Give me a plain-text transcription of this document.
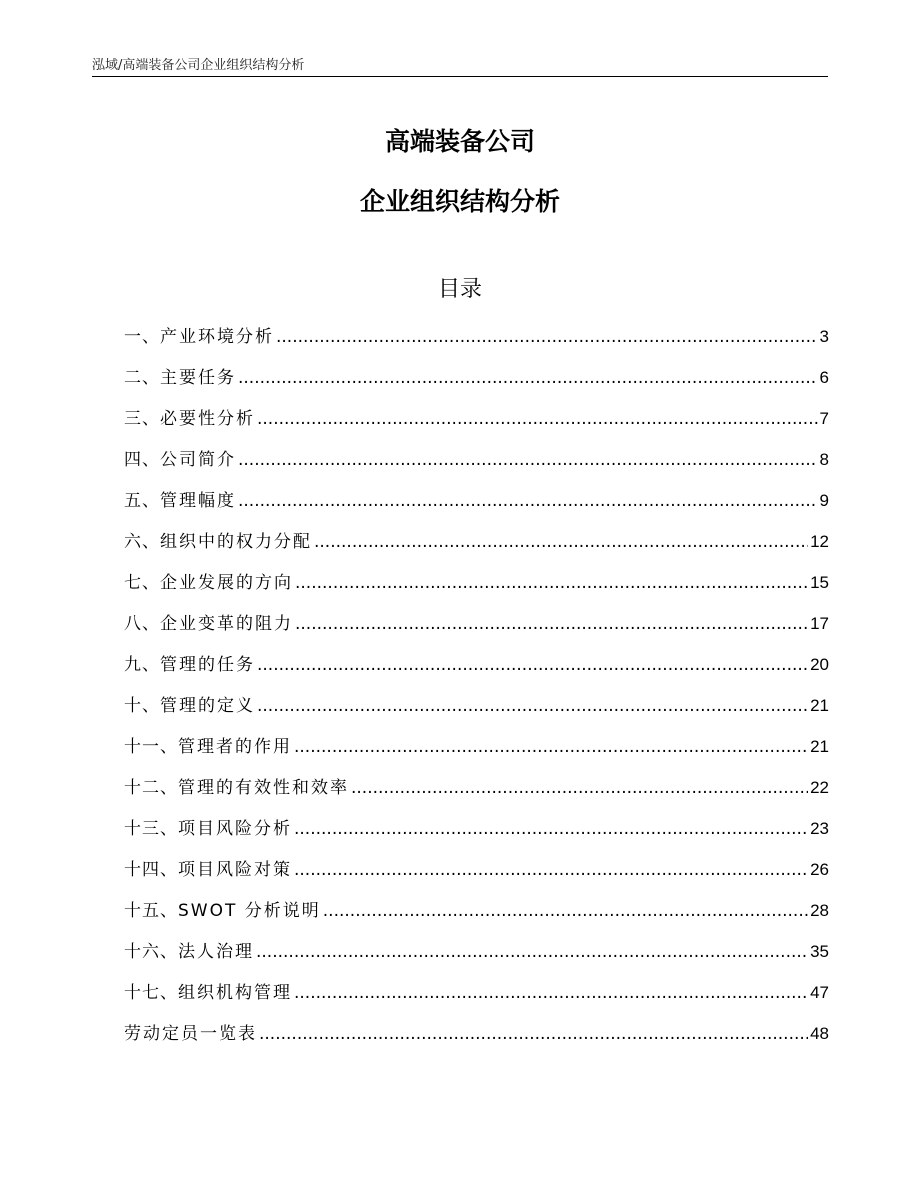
泓域/高端装备公司企业组织结构分析
高端装备公司
企业组织结构分析
目录
一、 产业环境分析 .....	3
二、 主要任务 .....	6
三、 必要性分析 .....	7
四、 公司简介 .....	8
五、 管理幅度 .....	9
六、 组织中的权力分配 .....	12
七、 企业发展的方向 .....	15
八、 企业变革的阻力 .....	17
九、 管理的任务 .....	20
十、 管理的定义 .....	21
十一、 管理者的作用 .....	21
十二、 管理的有效性和效率 .....	22
十三、 项目风险分析 .....	23
十四、 项目风险对策 .....	26
十五、 SWOT 分析说明 .....	28
十六、 法人治理 .....	35
十七、 组织机构管理 .....	47
劳动定员一览表 .....	48
